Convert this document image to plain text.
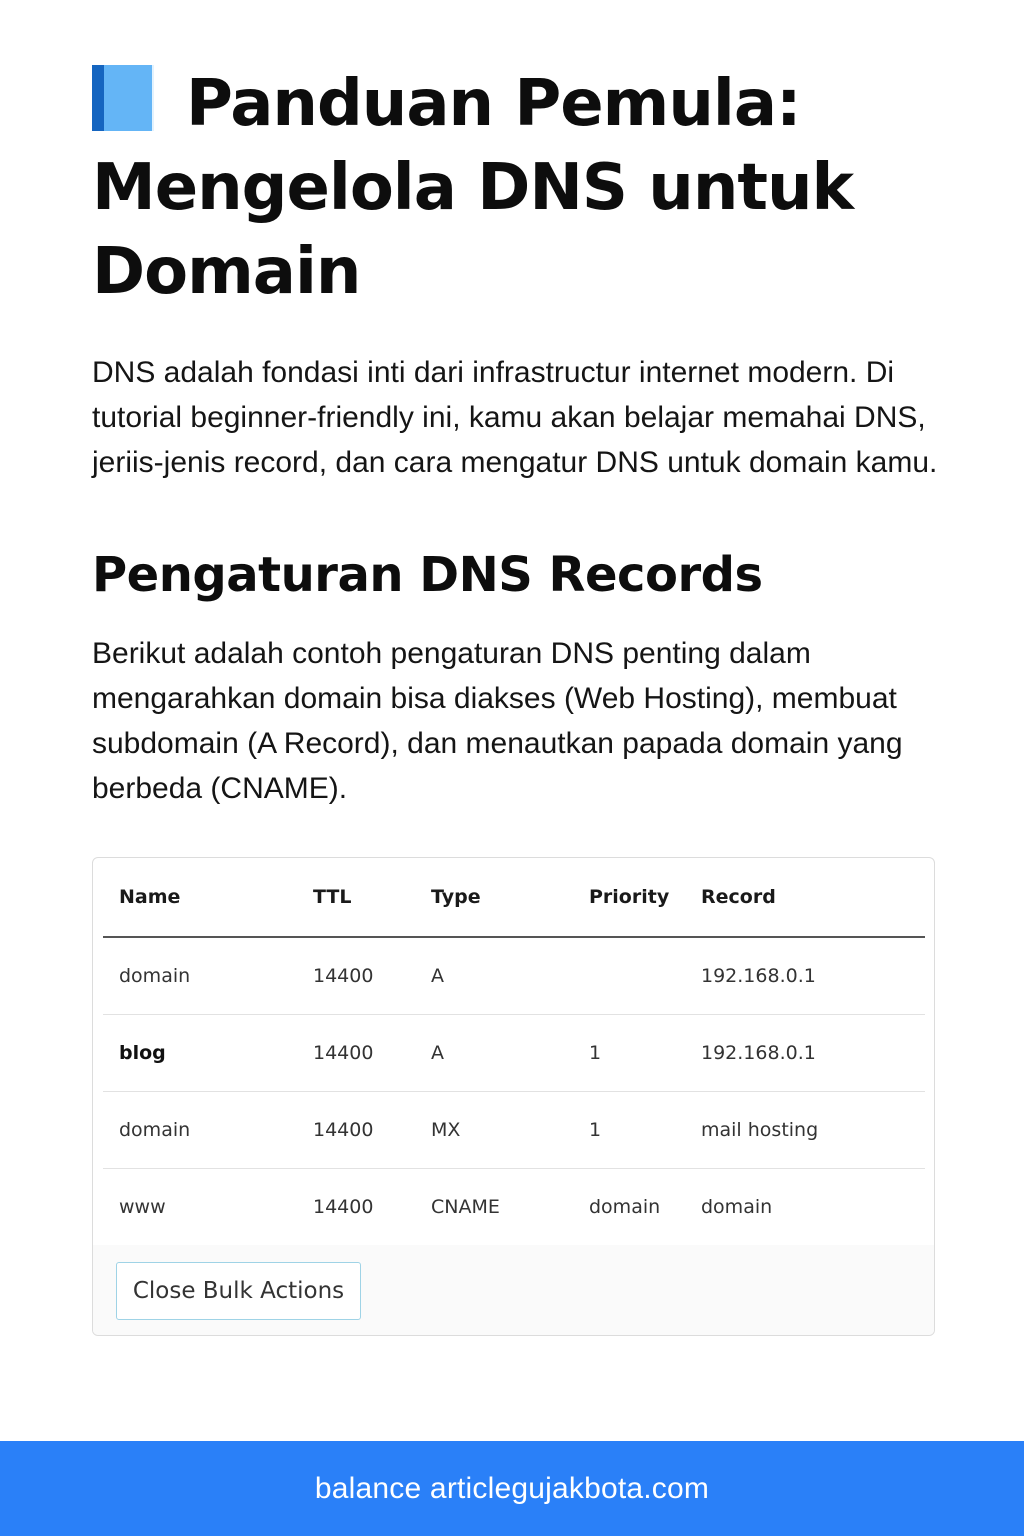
Panduan Pemula: Mengelola DNS untuk Domain

DNS adalah fondasi inti dari infrastructur internet modern. Di tutorial beginner-friendly ini, kamu akan belajar memahai DNS, jeriis-jenis record, dan cara mengatur DNS untuk domain kamu.

Pengaturan DNS Records

Berikut adalah contoh pengaturan DNS penting dalam mengarahkan domain bisa diakses (Web Hosting), membuat subdomain (A Record), dan menautkan papada domain yang berbeda (CNAME).

Name	TTL	Type	Priority	Record
domain	14400	A		192.168.0.1
blog	14400	A	1	192.168.0.1
domain	14400	MX	1	mail hosting
www	14400	CNAME	domain	domain
Close Bulk Actions
balance articlegujakbota.com
